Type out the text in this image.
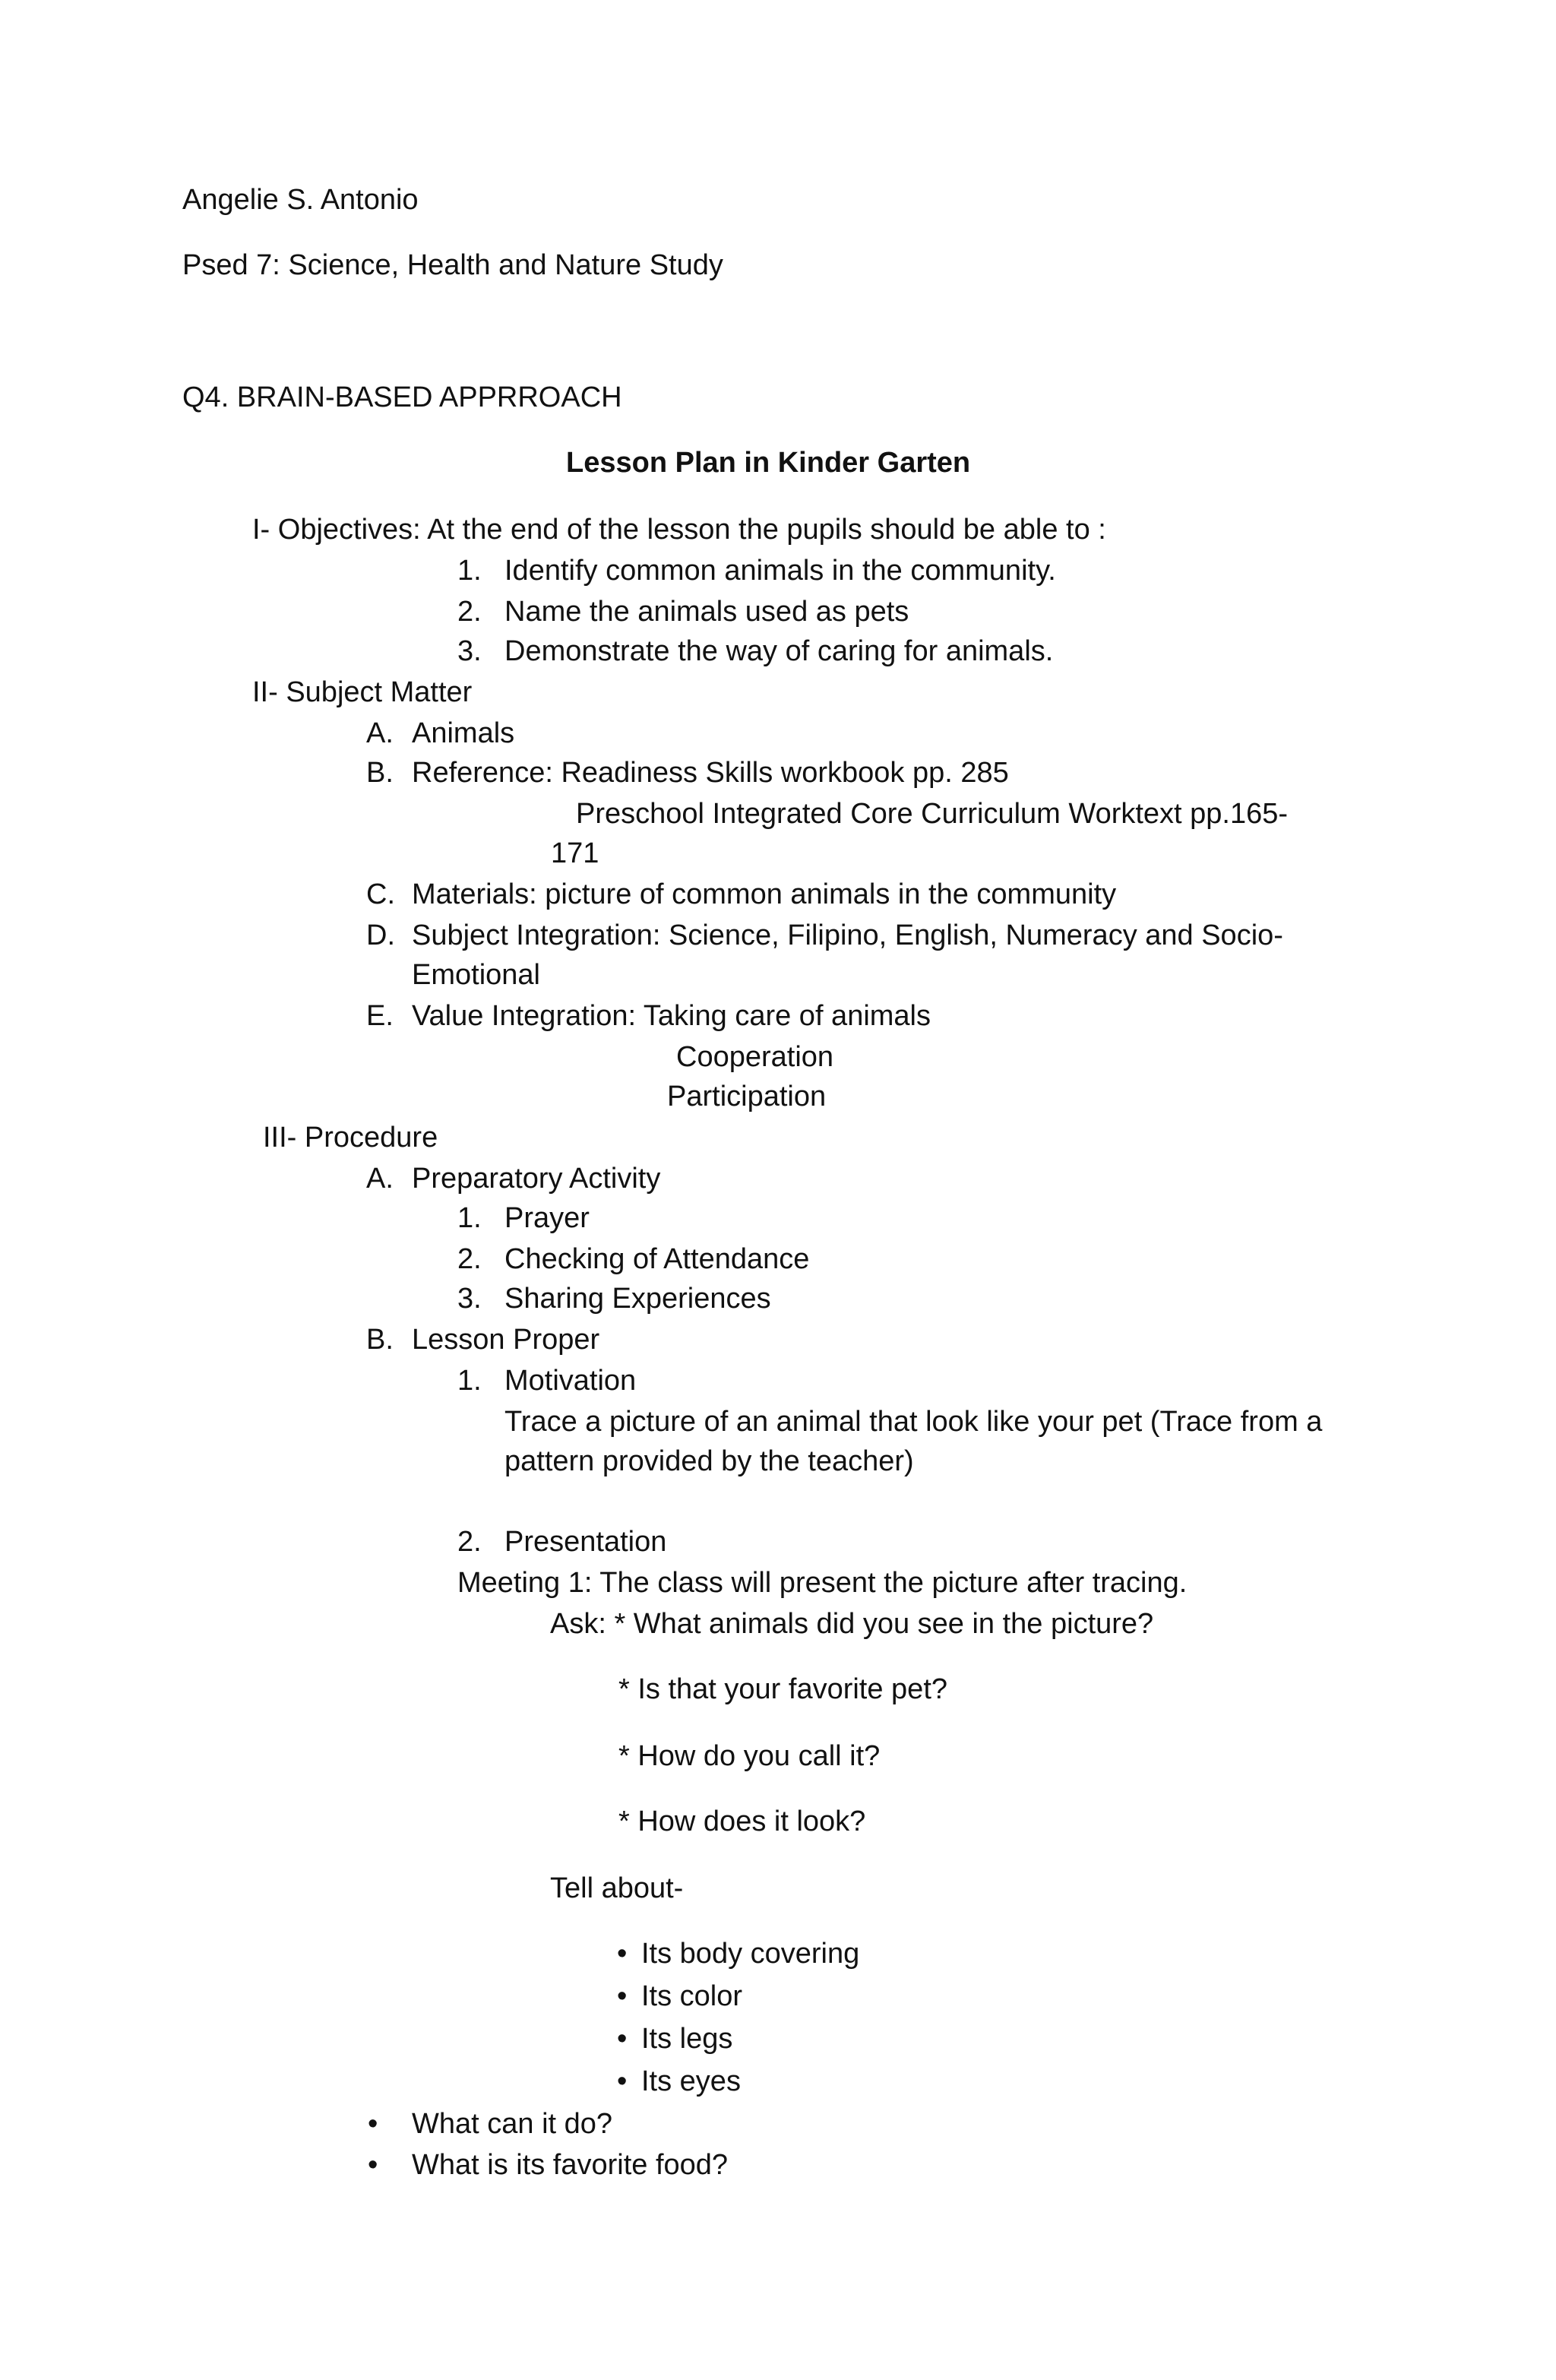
Angelie S. Antonio
Psed 7: Science, Health and Nature Study
Q4. BRAIN-BASED APPRROACH
Lesson Plan in Kinder Garten
I- Objectives: At the end of the lesson the pupils should be able to :
1. Identify common animals in the community.
2. Name the animals used as pets
3. Demonstrate the way of caring for animals.
II- Subject Matter
A. Animals
B. Reference: Readiness Skills workbook pp. 285
Preschool Integrated Core Curriculum Worktext pp.165-
171
C. Materials: picture of common animals in the community
D. Subject Integration: Science, Filipino, English, Numeracy and Socio-
Emotional
E. Value Integration: Taking care of animals
Cooperation
Participation
III- Procedure
A. Preparatory Activity
1. Prayer
2. Checking of Attendance
3. Sharing Experiences
B. Lesson Proper
1. Motivation
Trace a picture of an animal that look like your pet (Trace from a
pattern provided by the teacher)
2. Presentation
Meeting 1: The class will present the picture after tracing.
Ask: * What animals did you see in the picture?
* Is that your favorite pet?
* How do you call it?
* How does it look?
Tell about-
• Its body covering
• Its color
• Its legs
• Its eyes
• What can it do?
• What is its favorite food?
